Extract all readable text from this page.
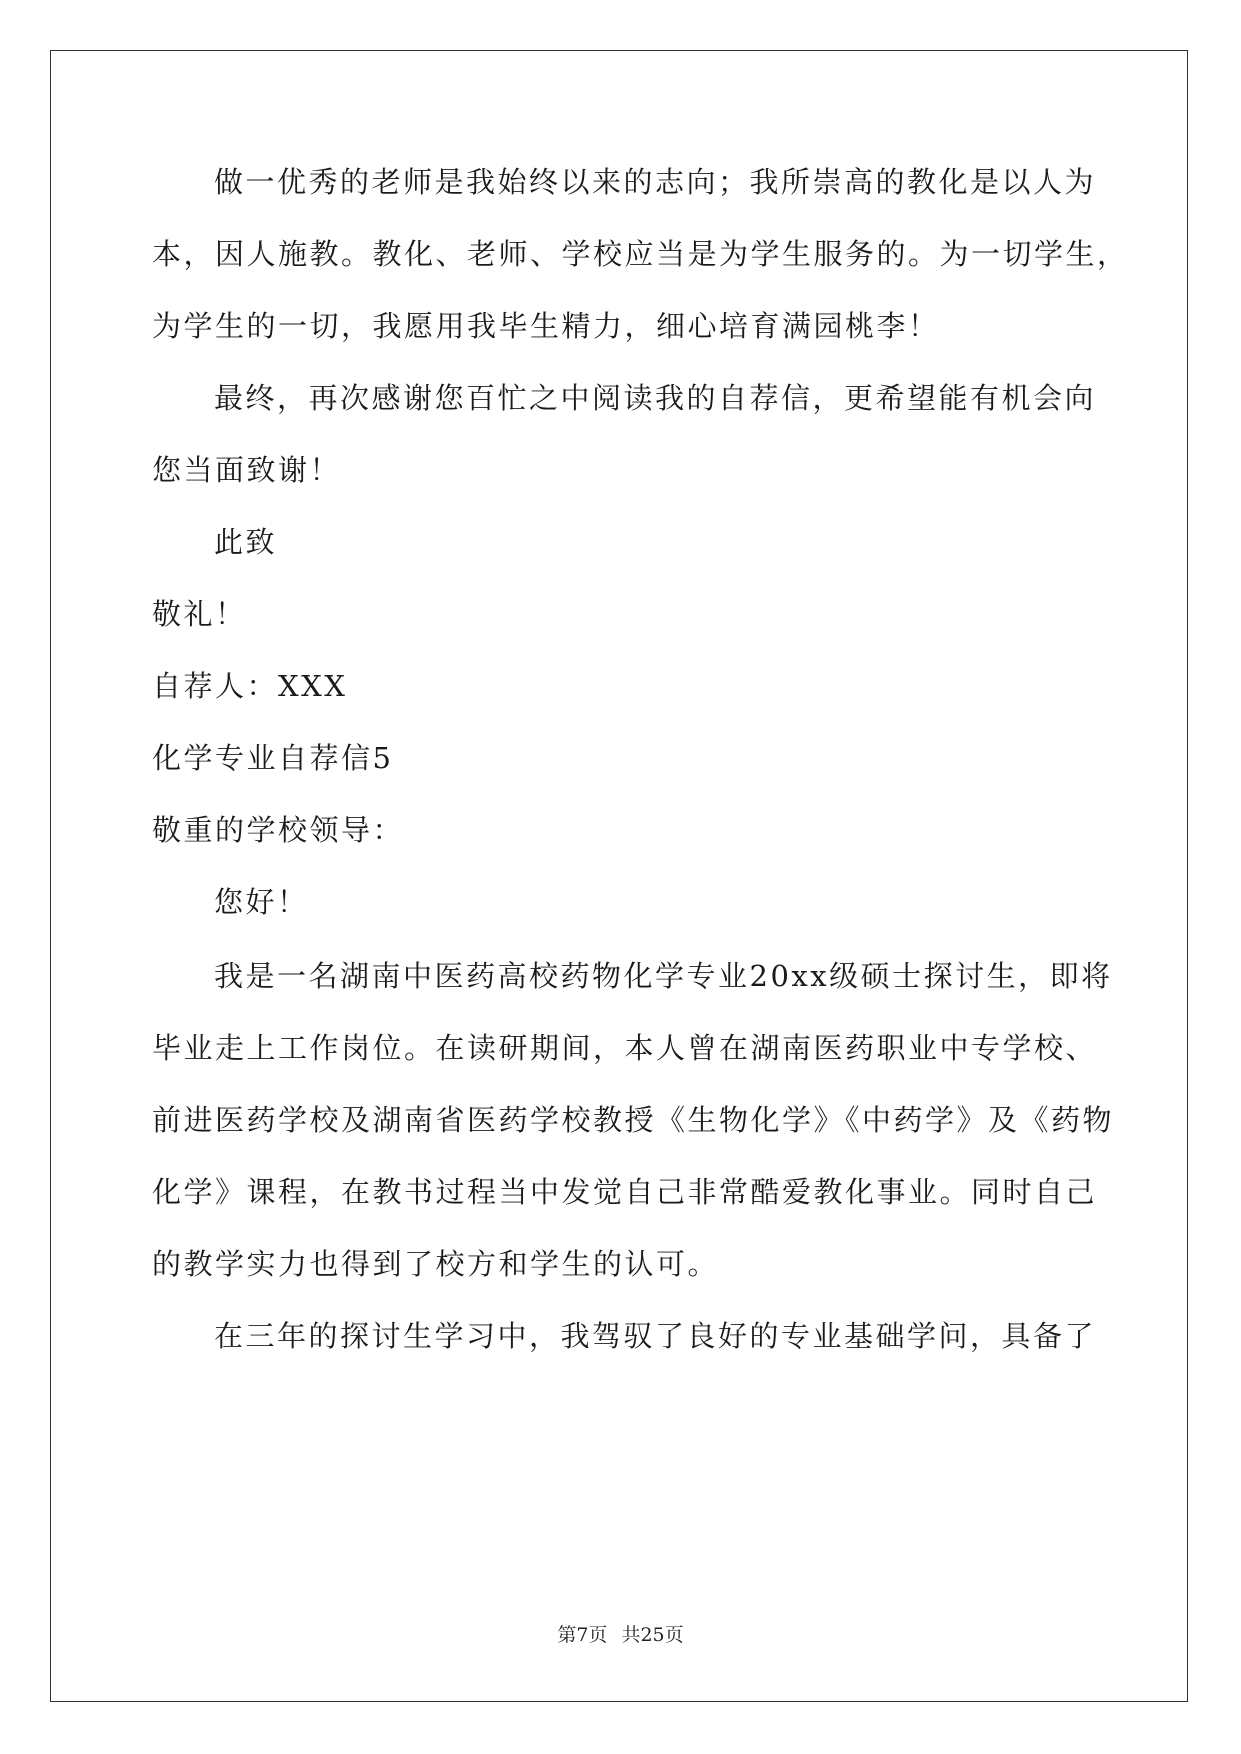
做一优秀的老师是我始终以来的志向；我所崇高的教化是以人为
本，因人施教。教化、老师、学校应当是为学生服务的。为一切学生，
为学生的一切，我愿用我毕生精力，细心培育满园桃李！
最终，再次感谢您百忙之中阅读我的自荐信，更希望能有机会向
您当面致谢！
此致
敬礼！
自荐人：XXX
化学专业自荐信5
敬重的学校领导：
您好！
我是一名湖南中医药高校药物化学专业20xx级硕士探讨生，即将
毕业走上工作岗位。在读研期间，本人曾在湖南医药职业中专学校、
前进医药学校及湖南省医药学校教授《生物化学》《中药学》及《药物
化学》课程，在教书过程当中发觉自己非常酷爱教化事业。同时自己
的教学实力也得到了校方和学生的认可。
在三年的探讨生学习中，我驾驭了良好的专业基础学问，具备了
第7页 共25页
